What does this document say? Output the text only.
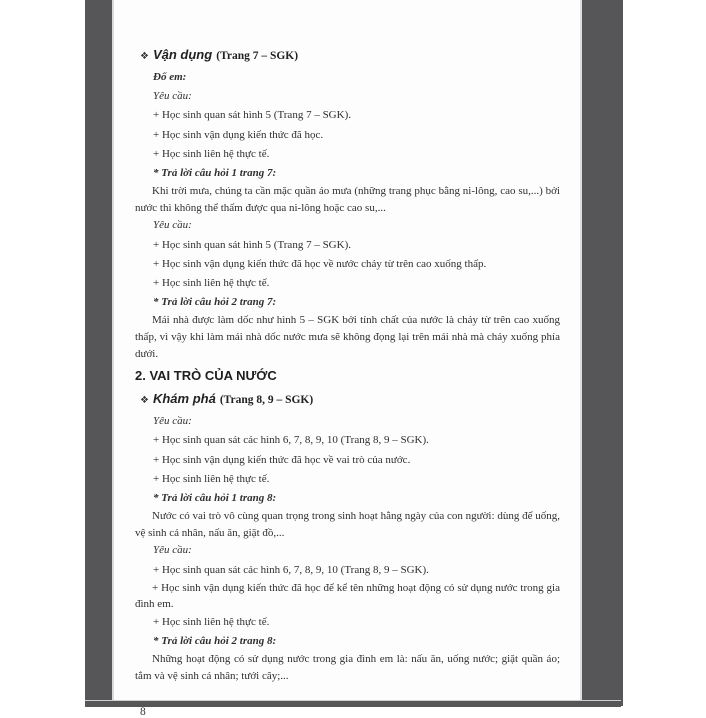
❖ Vận dụng (Trang 7 – SGK)

Đố em:

Yêu cầu:

+ Học sinh quan sát hình 5 (Trang 7 – SGK).

+ Học sinh vận dụng kiến thức đã học.

+ Học sinh liên hệ thực tế.

* Trả lời câu hỏi 1 trang 7:

Khi trời mưa, chúng ta cần mặc quần áo mưa (những trang phục bằng ni-lông, cao su,...) bởi nước thì không thể thấm được qua ni-lông hoặc cao su,...

Yêu cầu:

+ Học sinh quan sát hình 5 (Trang 7 – SGK).

+ Học sinh vận dụng kiến thức đã học về nước chảy từ trên cao xuống thấp.

+ Học sinh liên hệ thực tế.

* Trả lời câu hỏi 2 trang 7:

Mái nhà được làm dốc như hình 5 – SGK bởi tính chất của nước là chảy từ trên cao xuống thấp, vì vậy khi làm mái nhà dốc nước mưa sẽ không đọng lại trên mái nhà mà chảy xuống phía dưới.

2. VAI TRÒ CỦA NƯỚC

❖ Khám phá (Trang 8, 9 – SGK)

Yêu cầu:

+ Học sinh quan sát các hình 6, 7, 8, 9, 10 (Trang 8, 9 – SGK).

+ Học sinh vận dụng kiến thức đã học về vai trò của nước.

+ Học sinh liên hệ thực tế.

* Trả lời câu hỏi 1 trang 8:

Nước có vai trò vô cùng quan trọng trong sinh hoạt hằng ngày của con người: dùng để uống, vệ sinh cá nhân, nấu ăn, giặt đồ,...

Yêu cầu:

+ Học sinh quan sát các hình 6, 7, 8, 9, 10 (Trang 8, 9 – SGK).

+ Học sinh vận dụng kiến thức đã học để kể tên những hoạt động có sử dụng nước trong gia đình em.

+ Học sinh liên hệ thực tế.

* Trả lời câu hỏi 2 trang 8:

Những hoạt động có sử dụng nước trong gia đình em là: nấu ăn, uống nước; giặt quần áo; tắm và vệ sinh cá nhân; tưới cây;...

8
